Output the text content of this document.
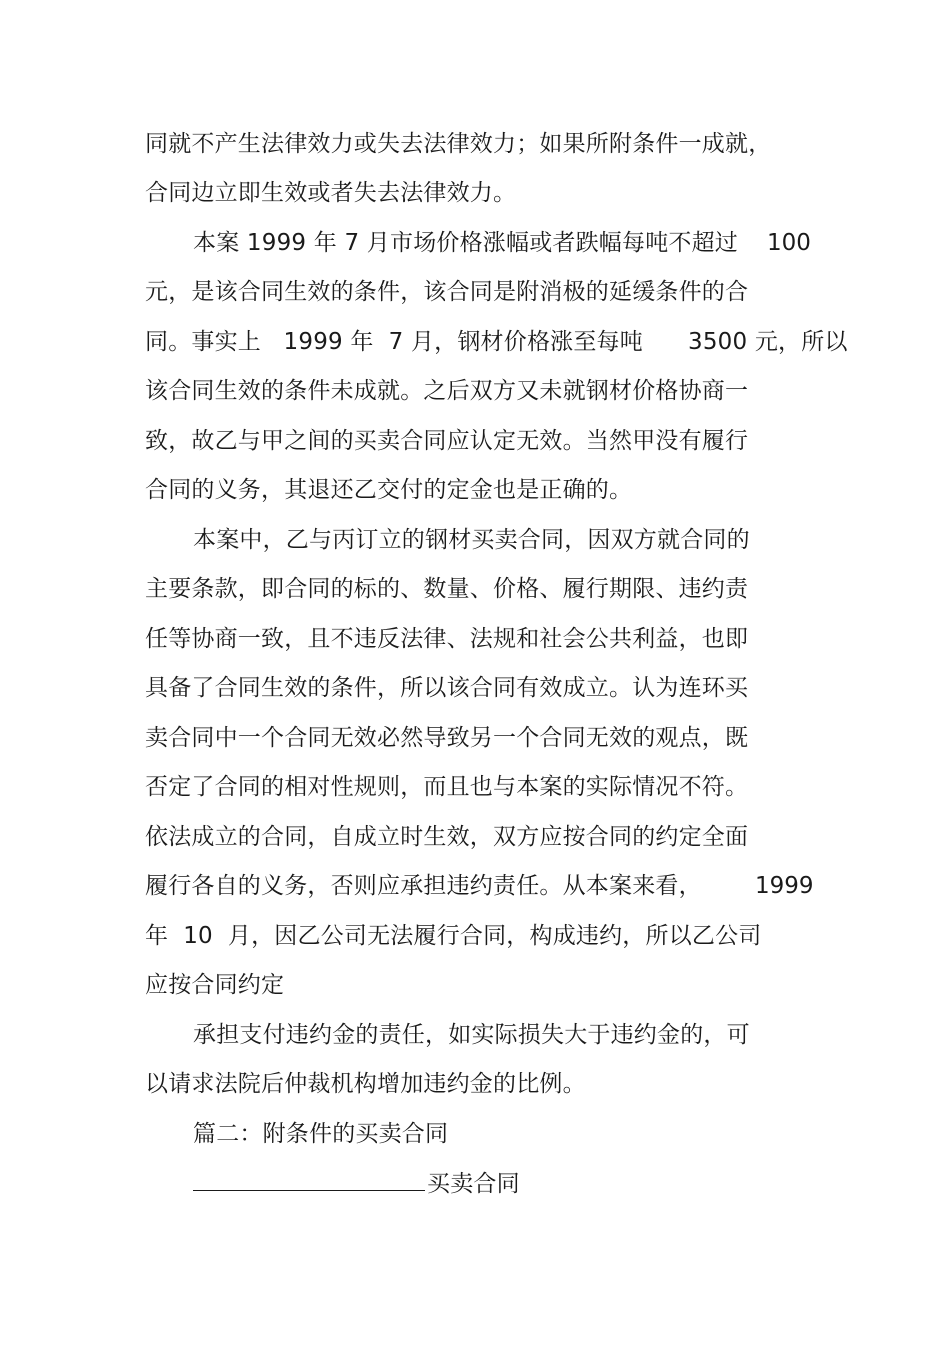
同就不产生法律效力或失去法律效力；如果所附条件一成就，
合同边立即生效或者失去法律效力。
本案 1999 年 7 月市场价格涨幅或者跌幅每吨不超过 100
元，是该合同生效的条件，该合同是附消极的延缓条件的合
同。事实上   1999 年  7 月，钢材价格涨至每吨      3500 元，所以
该合同生效的条件未成就。之后双方又未就钢材价格协商一
致，故乙与甲之间的买卖合同应认定无效。当然甲没有履行
合同的义务，其退还乙交付的定金也是正确的。
本案中，乙与丙订立的钢材买卖合同，因双方就合同的
主要条款，即合同的标的、数量、价格、履行期限、违约责
任等协商一致，且不违反法律、法规和社会公共利益，也即
具备了合同生效的条件，所以该合同有效成立。认为连环买
卖合同中一个合同无效必然导致另一个合同无效的观点，既
否定了合同的相对性规则，而且也与本案的实际情况不符。
依法成立的合同，自成立时生效，双方应按合同的约定全面
履行各自的义务，否则应承担违约责任。从本案来看， 1999
年  10  月，因乙公司无法履行合同，构成违约，所以乙公司
应按合同约定
承担支付违约金的责任，如实际损失大于违约金的，可
以请求法院后仲裁机构增加违约金的比例。
篇二：附条件的买卖合同
买卖合同
